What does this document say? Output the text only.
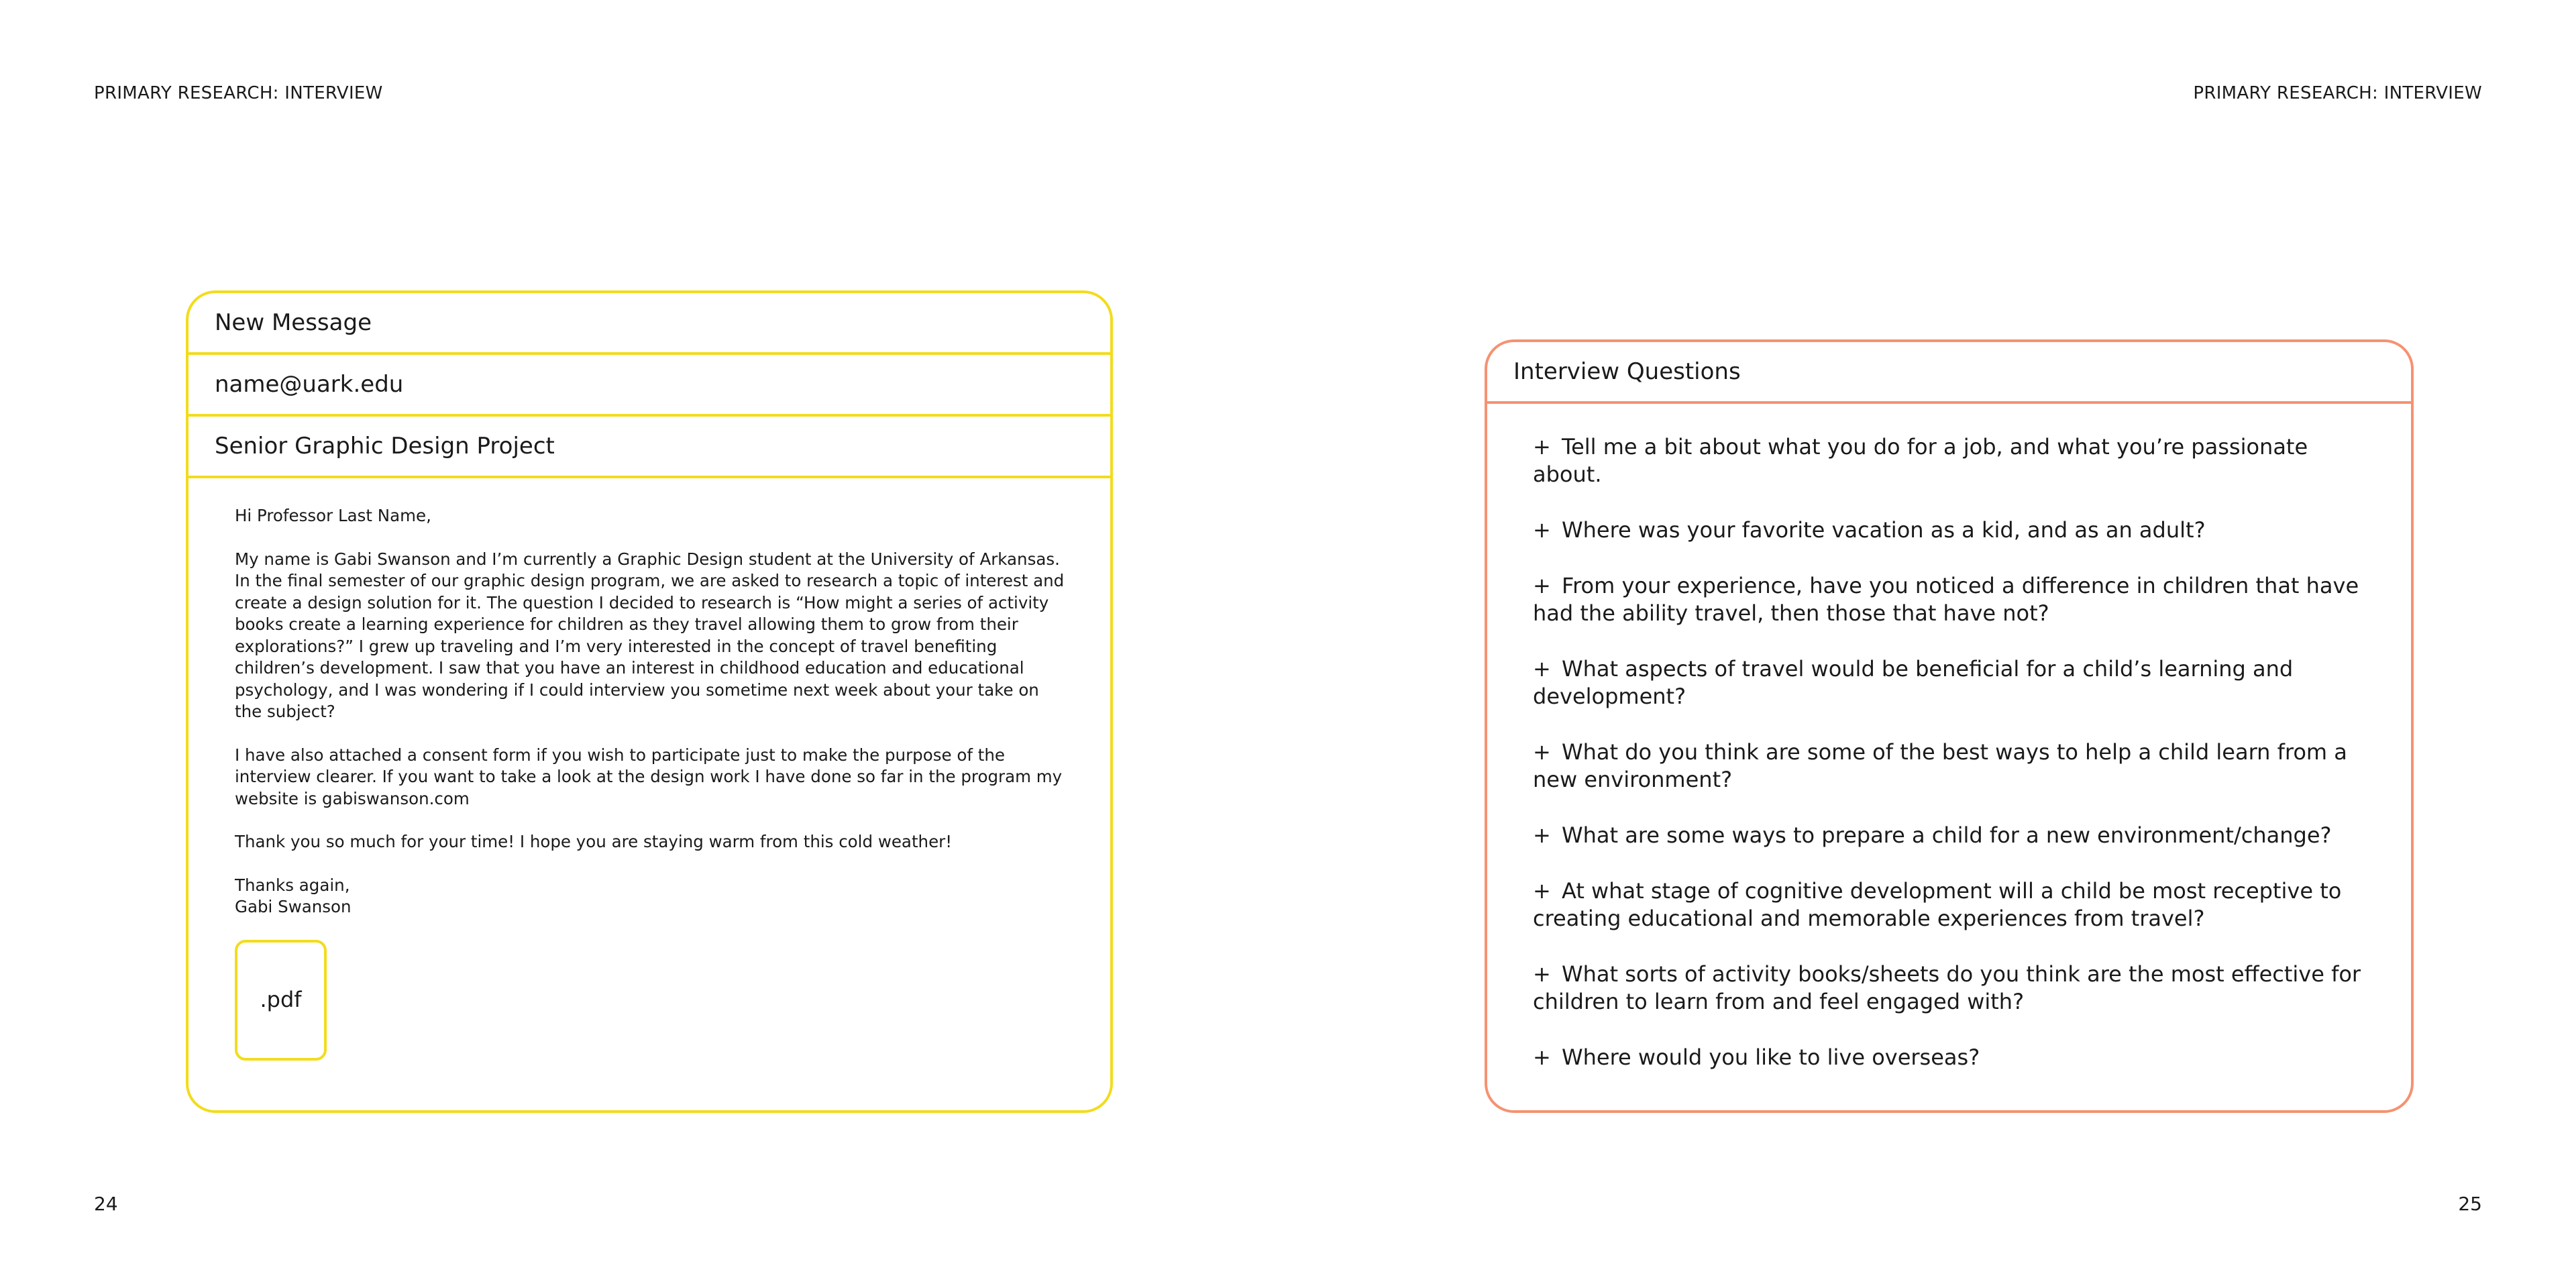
PRIMARY RESEARCH: INTERVIEW
24
New Message
name@uark.edu
Senior Graphic Design Project

Hi Professor Last Name,

My name is Gabi Swanson and I’m currently a Graphic Design student at the University of Arkansas. In the final semester of our graphic design program, we are asked to research a topic of interest and create a design solution for it. The question I decided to research is “How might a series of activity books create a learning experience for children as they travel allowing them to grow from their explorations?” I grew up traveling and I’m very interested in the concept of travel benefiting children’s development. I saw that you have an interest in childhood education and educational psychology, and I was wondering if I could interview you sometime next week about your take on the subject?

I have also attached a consent form if you wish to participate just to make the purpose of the interview clearer. If you want to take a look at the design work I have done so far in the program my website is gabiswanson.com

Thank you so much for your time! I hope you are staying warm from this cold weather!

Thanks again,
Gabi Swanson

.pdf
PRIMARY RESEARCH: INTERVIEW
25
Interview Questions
+ Tell me a bit about what you do for a job, and what you’re passionate about.
+ Where was your favorite vacation as a kid, and as an adult?
+ From your experience, have you noticed a difference in children that have had the ability travel, then those that have not?
+ What aspects of travel would be beneficial for a child’s learning and development?
+ What do you think are some of the best ways to help a child learn from a new environment?
+ What are some ways to prepare a child for a new environment/change?
+ At what stage of cognitive development will a child be most receptive to creating educational and memorable experiences from travel?
+ What sorts of activity books/sheets do you think are the most effective for children to learn from and feel engaged with?
+ Where would you like to live overseas?
